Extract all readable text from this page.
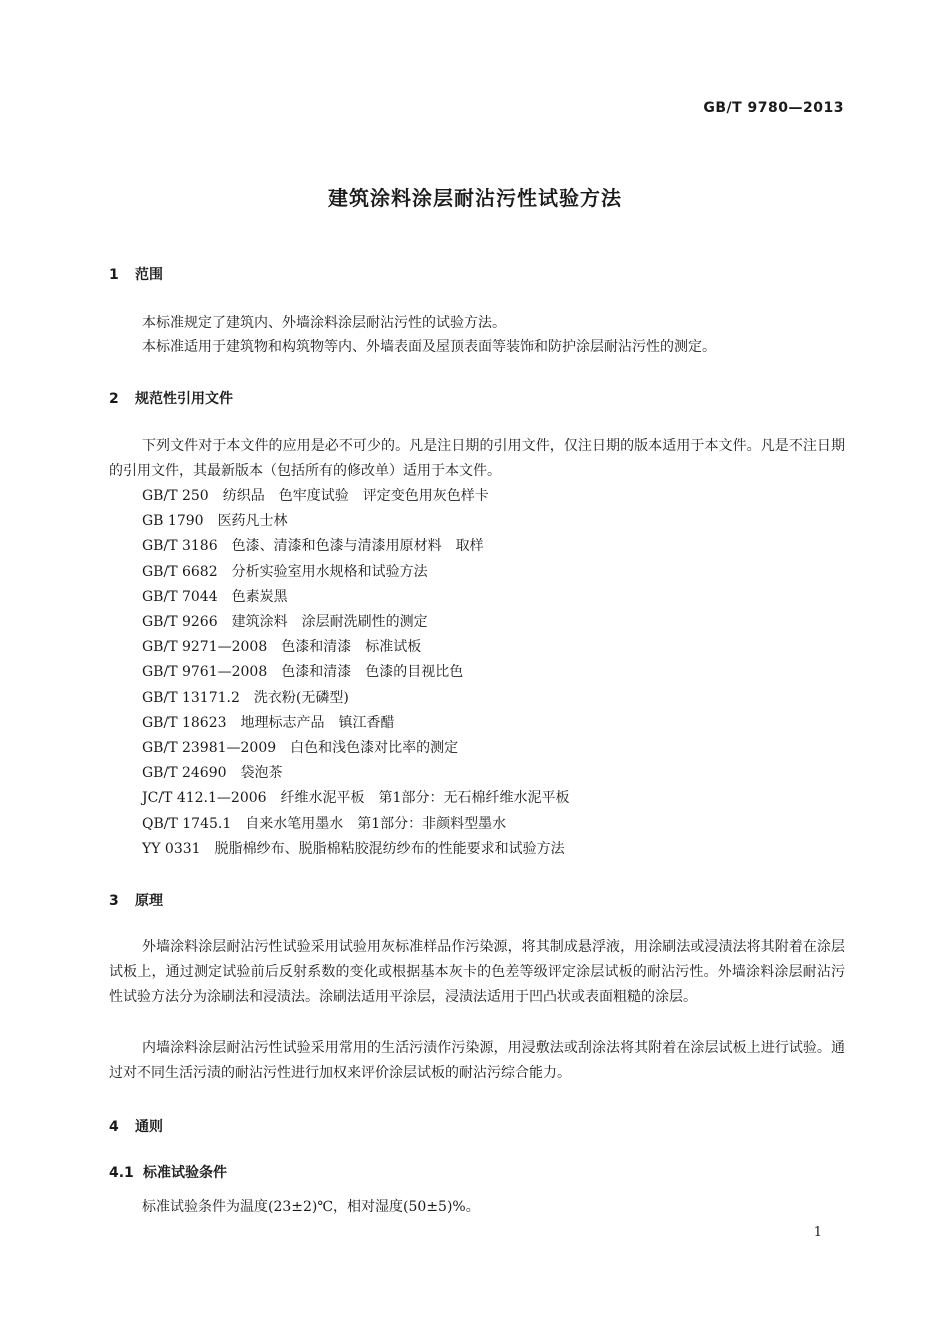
GB/T 9780—2013
建筑涂料涂层耐沾污性试验方法
1 范围

本标准规定了建筑内、外墙涂料涂层耐沾污性的试验方法。

本标准适用于建筑物和构筑物等内、外墙表面及屋顶表面等装饰和防护涂层耐沾污性的测定。

2 规范性引用文件

下列文件对于本文件的应用是必不可少的。凡是注日期的引用文件，仅注日期的版本适用于本文件。凡是不注日期的引用文件，其最新版本（包括所有的修改单）适用于本文件。

GB/T 250 纺织品　色牢度试验　评定变色用灰色样卡
GB 1790 医药凡士林
GB/T 3186 色漆、清漆和色漆与清漆用原材料　取样
GB/T 6682 分析实验室用水规格和试验方法
GB/T 7044 色素炭黑
GB/T 9266 建筑涂料　涂层耐洗刷性的测定
GB/T 9271—2008 色漆和清漆　标准试板
GB/T 9761—2008 色漆和清漆　色漆的目视比色
GB/T 13171.2 洗衣粉(无磷型)
GB/T 18623 地理标志产品　镇江香醋
GB/T 23981—2009 白色和浅色漆对比率的测定
GB/T 24690 袋泡茶
JC/T 412.1—2006 纤维水泥平板　第1部分：无石棉纤维水泥平板
QB/T 1745.1 自来水笔用墨水　第1部分：非颜料型墨水
YY 0331 脱脂棉纱布、脱脂棉粘胶混纺纱布的性能要求和试验方法
3 原理

外墙涂料涂层耐沾污性试验采用试验用灰标准样品作污染源，将其制成悬浮液，用涂刷法或浸渍法将其附着在涂层试板上，通过测定试验前后反射系数的变化或根据基本灰卡的色差等级评定涂层试板的耐沾污性。外墙涂料涂层耐沾污性试验方法分为涂刷法和浸渍法。涂刷法适用平涂层，浸渍法适用于凹凸状或表面粗糙的涂层。

内墙涂料涂层耐沾污性试验采用常用的生活污渍作污染源，用浸敷法或刮涂法将其附着在涂层试板上进行试验。通过对不同生活污渍的耐沾污性进行加权来评价涂层试板的耐沾污综合能力。

4 通则
4.1 标准试验条件

标准试验条件为温度(23±2)℃，相对湿度(50±5)%。

1
